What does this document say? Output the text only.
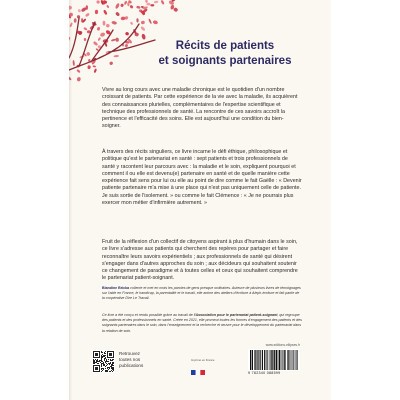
Récits de patients
et soignants partenaires

Vivre au long cours avec une maladie chronique est le quotidien d'un nombre croissant de patients. Par cette expérience de la vie avec la maladie, ils acquièrent des connaissances plurielles, complémentaires de l'expertise scientifique et technique des professionnels de santé. La rencontre de ces savoirs accroît la pertinence et l'efficacité des soins. Elle est aujourd'hui une condition du bien-soigner.

À travers des récits singuliers, ce livre incarne le défi éthique, philosophique et politique qu'est le partenariat en santé : sept patients et trois professionnels de santé y racontent leur parcours avec : la maladie et le soin, expliquent pourquoi et comment il ou elle est devenu(e) partenaire en santé et de quelle manière cette expérience fait sens pour lui ou elle au point de dire comme le fait Gaëlle : « Devenir patiente partenaire m'a mise à une place qui n'est pas uniquement celle de patiente. Je suis sortie de l'isolement. » ou comme le fait Clémence : « Je ne pourrais plus exercer mon métier d'infirmière autrement. »

Fruit de la réflexion d'un collectif de citoyens aspirant à plus d'humain dans le soin, ce livre s'adresse aux patients qui cherchent des repères pour partager et faire reconnaître leurs savoirs expérientiels ; aux professionnels de santé qui désirent s'engager dans d'autres approches du soin ; aux décideurs qui souhaitent soutenir ce changement de paradigme et à toutes celles et ceux qui souhaitent comprendre le partenariat patient-soignant.

Blandine Bricka collecte et met en mots les paroles de gens presque ordinaires. Auteure de plusieurs livres de témoignages sur l'aide en France, le handicap, la parentalité et le travail, elle anime des ateliers d'écriture à Aleph-écriture et fait partie de la coopérative Dire Le Travail.

Ce livre a été conçu et rendu possible grâce au travail de l'Association pour le partenariat patient-soignant, qui regroupe des patients et des professionnels en santé. Créée en 2021, elle promeut toutes les formes d'engagement des patients et des soignants partenaires dans le soin, dans l'enseignement et la recherche et œuvre pour le développement du partenariat dans la relation de soin.

Retrouvez
toutes nos
publications
Imprimé en France
www.editions-ellipses.fr
9 782340 088599
